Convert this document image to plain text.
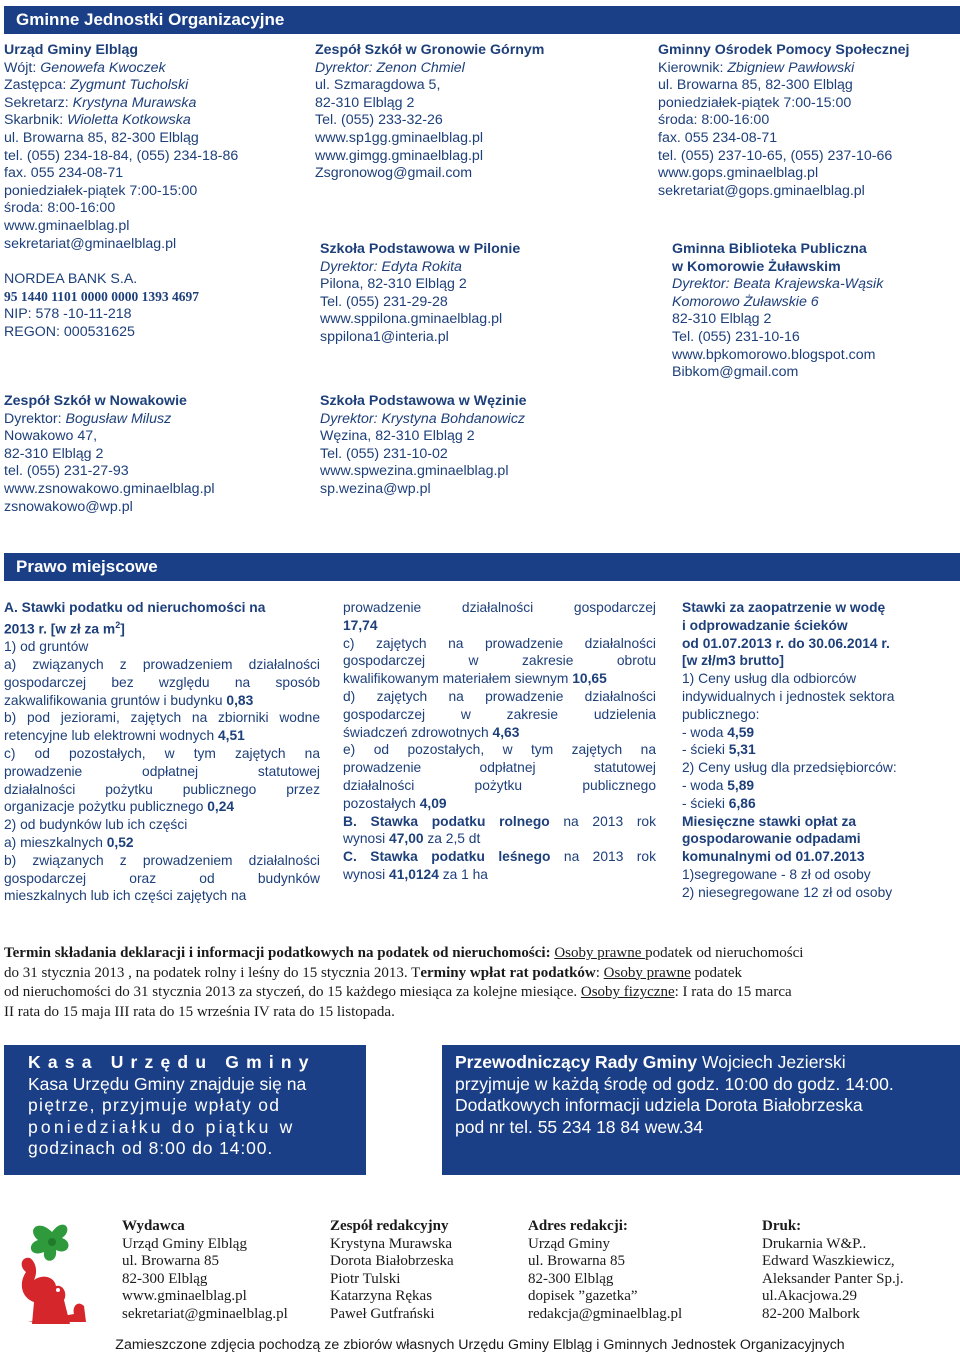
Gminne Jednostki Organizacyjne
Urząd Gminy Elbląg
Wójt: Genowefa Kwoczek
Zastępca: Zygmunt Tucholski
Sekretarz: Krystyna Murawska
Skarbnik: Wioletta Kotkowska
ul. Browarna 85, 82-300 Elbląg
tel. (055) 234-18-84, (055) 234-18-86
fax. 055 234-08-71
poniedziałek-piątek 7:00-15:00
środa: 8:00-16:00
www.gminaelblag.pl
sekretariat@gminaelblag.pl
NORDEA BANK S.A.
95 1440 1101 0000 0000 1393 4697
NIP: 578 -10-11-218
REGON: 000531625
Zespół Szkół w Nowakowie
Dyrektor: Bogusław Milusz
Nowakowo 47,
82-310 Elbląg 2
tel. (055) 231-27-93
www.zsnowakowo.gminaelblag.pl
zsnowakowo@wp.pl
Zespół Szkół w Gronowie Górnym
Dyrektor: Zenon Chmiel
ul. Szmaragdowa 5,
82-310 Elbląg 2
Tel. (055) 233-32-26
www.sp1gg.gminaelblag.pl
www.gimgg.gminaelblag.pl
Zsgronowog@gmail.com
Szkoła Podstawowa w Pilonie
Dyrektor: Edyta Rokita
Pilona, 82-310 Elbląg 2
Tel. (055) 231-29-28
www.sppilona.gminaelblag.pl
sppilona1@interia.pl
Szkoła Podstawowa w Węzinie
Dyrektor: Krystyna Bohdanowicz
Węzina, 82-310 Elbląg 2
Tel. (055) 231-10-02
www.spwezina.gminaelblag.pl
sp.wezina@wp.pl
Gminny Ośrodek Pomocy Społecznej
Kierownik: Zbigniew Pawłowski
ul. Browarna 85, 82-300 Elbląg
poniedziałek-piątek 7:00-15:00
środa: 8:00-16:00
fax. 055 234-08-71
tel. (055) 237-10-65, (055) 237-10-66
www.gops.gminaelblag.pl
sekretariat@gops.gminaelblag.pl
Gminna Biblioteka Publiczna
w Komorowie Żuławskim
Dyrektor: Beata Krajewska-Wąsik
Komorowo Żuławskie 6
82-310 Elbląg 2
Tel. (055) 231-10-16
www.bpkomorowo.blogspot.com
Bibkom@gmail.com
Prawo miejscowe
A. Stawki podatku od nieruchomości na
2013 r. [w zł za $m^2$]
1) od gruntów
a) związanych z prowadzeniem działalności
gospodarczej bez względu na sposób
zakwalifikowania gruntów i budynku 0,83
b) pod jeziorami, zajętych na zbiorniki wodne
retencyjne lub elektrowni wodnych 4,51
c) od pozostałych, w tym zajętych na
prowadzenie odpłatnej statutowej
działalności pożytku publicznego przez
organizacje pożytku publicznego 0,24
2) od budynków lub ich części
a) mieszkalnych 0,52
b) związanych z prowadzeniem działalności
gospodarczej oraz od budynków
mieszkalnych lub ich części zajętych na
prowadzenie działalności gospodarczej
17,74
c) zajętych na prowadzenie działalności
gospodarczej w zakresie obrotu
kwalifikowanym materiałem siewnym 10,65
d) zajętych na prowadzenie działalności
gospodarczej w zakresie udzielenia
świadczeń zdrowotnych 4,63
e) od pozostałych, w tym zajętych na
prowadzenie odpłatnej statutowej
działalności pożytku publicznego
pozostałych 4,09
B. Stawka podatku rolnego na 2013 rok
wynosi 47,00 za 2,5 dt
C. Stawka podatku leśnego na 2013 rok
wynosi 41,0124 za 1 ha
Stawki za zaopatrzenie w wodę
i odprowadzanie ścieków
od 01.07.2013 r. do 30.06.2014 r.
[w zł/m3 brutto]
1) Ceny usług dla odbiorców
indywidualnych i jednostek sektora
publicznego:
- woda 4,59
- ścieki 5,31
2) Ceny usług dla przedsiębiorców:
- woda 5,89
- ścieki 6,86
Miesięczne stawki opłat za
gospodarowanie odpadami
komunalnymi od 01.07.2013
1)segregowane - 8 zł od osoby
2) niesegregowane 12 zł od osoby
Termin składania deklaracji i informacji podatkowych na podatek od nieruchomości: Osoby prawne podatek od nieruchomości
do 31 stycznia 2013 , na podatek rolny i leśny do 15 stycznia 2013. Terminy wpłat rat podatków: Osoby prawne podatek
od nieruchomości do 31 stycznia 2013 za styczeń, do 15 każdego miesiąca za kolejne miesiące. Osoby fizyczne: I rata do 15 marca
II rata do 15 maja III rata do 15 września IV rata do 15 listopada.
Kasa Urzędu Gminy
Kasa Urzędu Gminy znajduje się na
piętrze, przyjmuje wpłaty od
poniedziałku do piątku w
godzinach od 8:00 do 14:00.
Przewodniczący Rady Gminy Wojciech Jezierski
przyjmuje w każdą środę od godz. 10:00 do godz. 14:00.
Dodatkowych informacji udziela Dorota Białobrzeska
pod nr tel. 55 234 18 84 wew.34
Wydawca
Urząd Gminy Elbląg
ul. Browarna 85
82-300 Elbląg
www.gminaelblag.pl
sekretariat@gminaelblag.pl
Zespół redakcyjny
Krystyna Murawska
Dorota Białobrzeska
Piotr Tulski
Katarzyna Rękas
Paweł Gutfrański
Adres redakcji:
Urząd Gminy
ul. Browarna 85
82-300 Elbląg
dopisek ”gazetka”
redakcja@gminaelblag.pl
Druk:
Drukarnia W&P..
Edward Waszkiewicz,
Aleksander Panter Sp.j.
ul.Akacjowa.29
82-200 Malbork
Zamieszczone zdjęcia pochodzą ze zbiorów własnych Urzędu Gminy Elbląg i Gminnych Jednostek Organizacyjnych
